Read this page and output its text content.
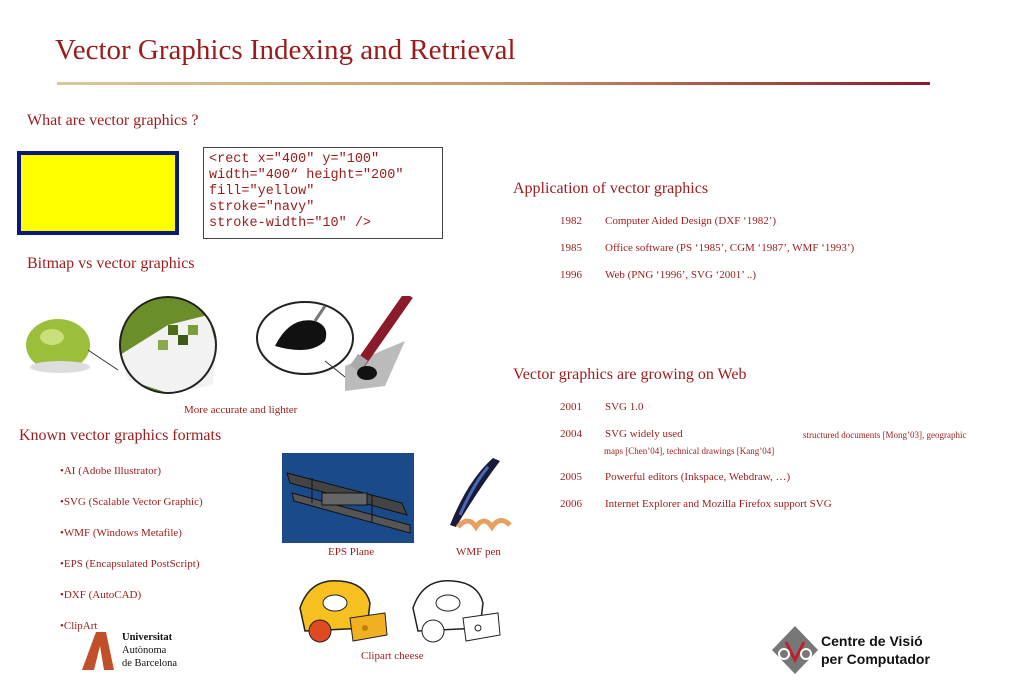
Vector Graphics Indexing and Retrieval
What are vector graphics ?
<rect x="400" y="100"
width="400“ height="200"
fill="yellow"
stroke="navy"
stroke-width="10" />
Bitmap vs vector graphics
More accurate and lighter
Known vector graphics formats
•AI (Adobe Illustrator)
•SVG (Scalable Vector Graphic)
•WMF (Windows Metafile)
•EPS (Encapsulated PostScript)
•DXF (AutoCAD)
•ClipArt
EPS Plane	WMF pen
Clipart cheese
Universitat
Autònoma
de Barcelona
Application of vector graphics
1982	Computer Aided Design (DXF ‘1982’)
1985	Office software (PS ‘1985’, CGM ‘1987’, WMF ‘1993’)
1996	Web (PNG ‘1996’, SVG ‘2001’ ..)
Vector graphics are growing on Web
2001	SVG 1.0
2004	SVG widely used	structured documents [Mong’03], geographic
maps [Chen’04], technical drawings [Kang’04]
2005	Powerful editors (Inkspace, Webdraw, …)
2006	Internet Explorer and Mozilla Firefox support SVG
Centre de Visió
per Computador
